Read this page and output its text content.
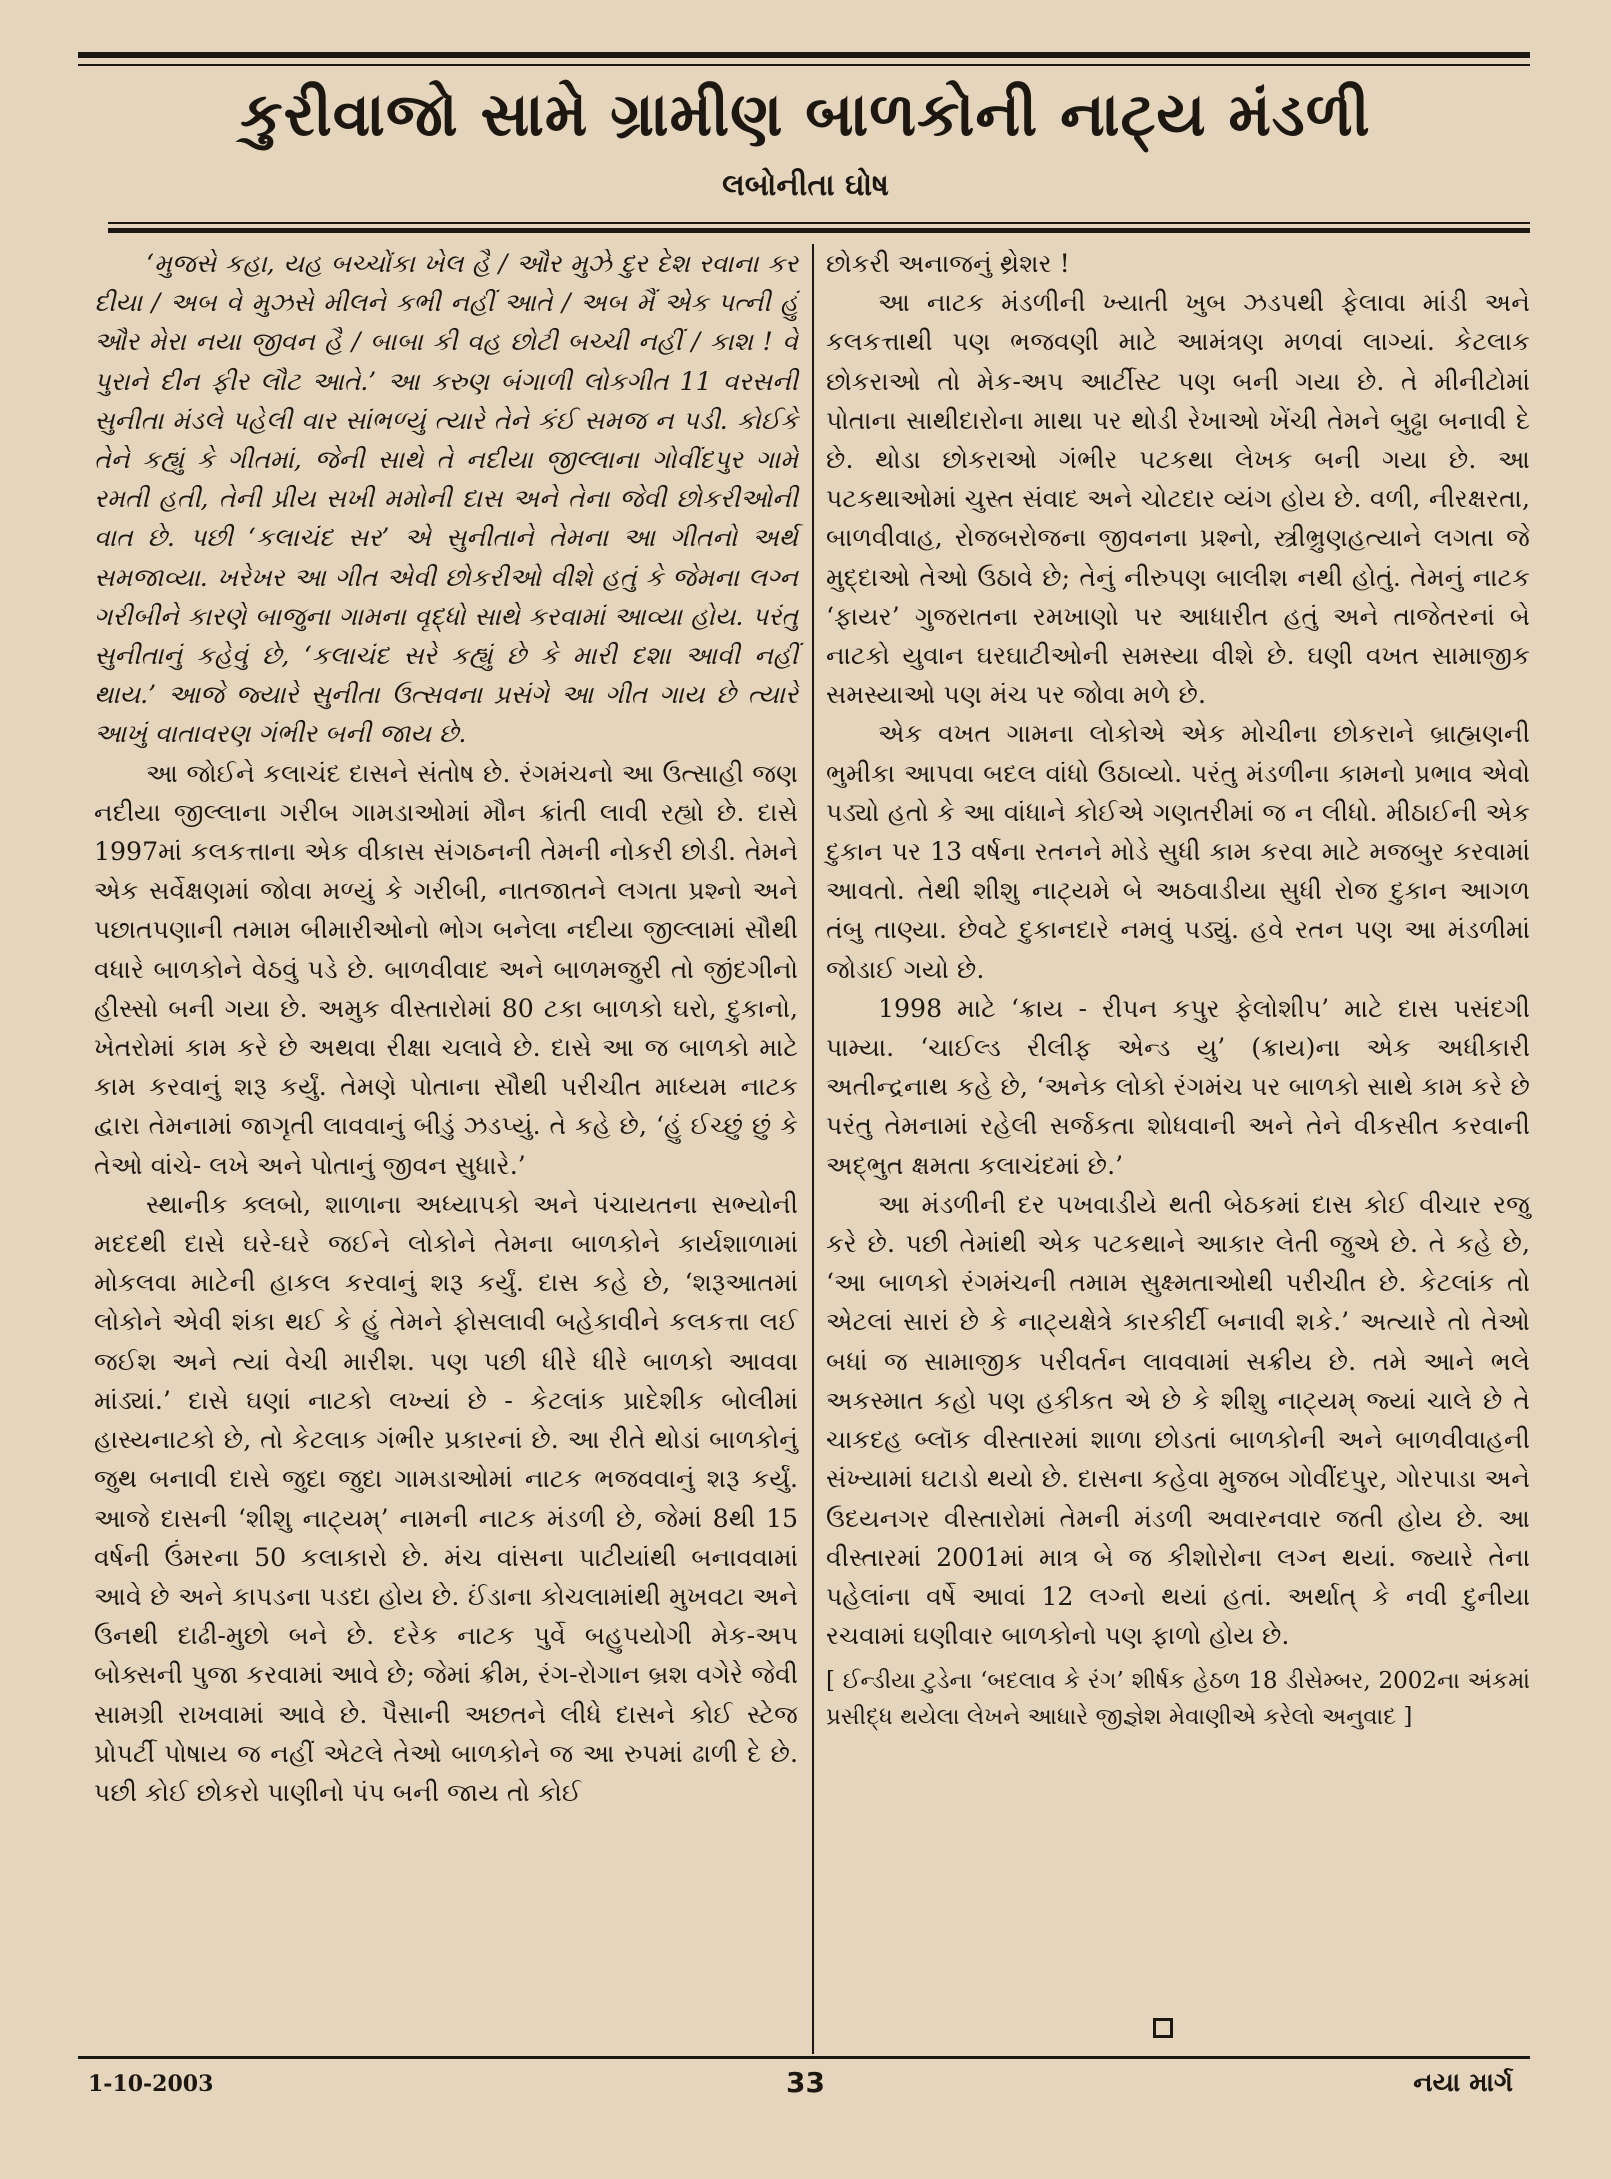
કુરીવાજો સામે ગ્રામીણ બાળકોની નાટ્ય મંડળી
લબોનીતા ઘોષ

‘મુજસે કહા, યહ બચ્ચોંકા ખેલ હૈ / ઔર મુઝે દુર દેશ રવાના કર દીયા / અબ વે મુઝસે મીલને કભી નહીં આતે / અબ મૈં એક પત્ની હું ઔર મેરા નયા જીવન હૈ / બાબા કી વહ છોટી બચ્ચી નહીં / કાશ ! વે પુરાને દીન ફીર લૌટ આતે.’ આ કરુણ બંગાળી લોકગીત 11 વરસની સુનીતા મંડલે પહેલી વાર સાંભળ્યું ત્યારે તેને કંઈ સમજ ન પડી. કોઈકે તેને કહ્યું કે ગીતમાં, જેની સાથે તે નદીયા જીલ્લાના ગોવીંદપુર ગામે રમતી હતી, તેની પ્રીય સખી મમોની દાસ અને તેના જેવી છોકરીઓની વાત છે. પછી ‘કલાચંદ સર’ એ સુનીતાને તેમના આ ગીતનો અર્થ સમજાવ્યા. ખરેખર આ ગીત એવી છોકરીઓ વીશે હતું કે જેમના લગ્ન ગરીબીને કારણે બાજુના ગામના વૃદ્ધો સાથે કરવામાં આવ્યા હોય. પરંતુ સુનીતાનું કહેવું છે, ‘કલાચંદ સરે કહ્યું છે કે મારી દશા આવી નહીં થાય.’ આજે જ્યારે સુનીતા ઉત્સવના પ્રસંગે આ ગીત ગાય છે ત્યારે આખું વાતાવરણ ગંભીર બની જાય છે.

આ જોઈને કલાચંદ દાસને સંતોષ છે. રંગમંચનો આ ઉત્સાહી જણ નદીયા જીલ્લાના ગરીબ ગામડાઓમાં મૌન ક્રાંતી લાવી રહ્યો છે. દાસે 1997માં કલકત્તાના એક વીકાસ સંગઠનની તેમની નોકરી છોડી. તેમને એક સર્વેક્ષણમાં જોવા મળ્યું કે ગરીબી, નાતજાતને લગતા પ્રશ્નો અને પછાતપણાની તમામ બીમારીઓનો ભોગ બનેલા નદીયા જીલ્લામાં સૌથી વધારે બાળકોને વેઠવું પડે છે. બાળવીવાદ અને બાળમજુરી તો જીંદગીનો હીસ્સો બની ગયા છે. અમુક વીસ્તારોમાં 80 ટકા બાળકો ઘરો, દુકાનો, ખેતરોમાં કામ કરે છે અથવા રીક્ષા ચલાવે છે. દાસે આ જ બાળકો માટે કામ કરવાનું શરૂ કર્યું. તેમણે પોતાના સૌથી પરીચીત માધ્યમ નાટક દ્વારા તેમનામાં જાગૃતી લાવવાનું બીડું ઝડપ્યું. તે કહે છે, ‘હું ઈચ્છું છું કે તેઓ વાંચે- લખે અને પોતાનું જીવન સુધારે.’

સ્થાનીક ક્લબો, શાળાના અધ્યાપકો અને પંચાયતના સભ્યોની મદદથી દાસે ઘરે-ઘરે જઈને લોકોને તેમના બાળકોને કાર્યશાળામાં મોકલવા માટેની હાકલ કરવાનું શરૂ કર્યું. દાસ કહે છે, ‘શરૂઆતમાં લોકોને એવી શંકા થઈ કે હું તેમને ફોસલાવી બહેકાવીને કલકત્તા લઈ જઈશ અને ત્યાં વેચી મારીશ. પણ પછી ધીરે ધીરે બાળકો આવવા માંડ્યાં.’ દાસે ઘણાં નાટકો લખ્યાં છે - કેટલાંક પ્રાદેશીક બોલીમાં હાસ્યનાટકો છે, તો કેટલાક ગંભીર પ્રકારનાં છે. આ રીતે થોડાં બાળકોનું જુથ બનાવી દાસે જુદા જુદા ગામડાઓમાં નાટક ભજવવાનું શરૂ કર્યું. આજે દાસની ‘શીશુ નાટ્યમ્’ નામની નાટક મંડળી છે, જેમાં 8થી 15 વર્ષની ઉંમરના 50 કલાકારો છે. મંચ વાંસના પાટીયાંથી બનાવવામાં આવે છે અને કાપડના પડદા હોય છે. ઈંડાના કોચલામાંથી મુખવટા અને ઉનથી દાઢી-મુછો બને છે. દરેક નાટક પુર્વે બહુપયોગી મેક-અપ બોક્સની પુજા કરવામાં આવે છે; જેમાં ક્રીમ, રંગ-રોગાન બ્રશ વગેરે જેવી સામગ્રી રાખવામાં આવે છે. પૈસાની અછતને લીધે દાસને કોઈ સ્ટેજ પ્રોપર્ટી પોષાય જ નહીં એટલે તેઓ બાળકોને જ આ રુપમાં ઢાળી દે છે. પછી કોઈ છોકરો પાણીનો પંપ બની જાય તો કોઈ

છોકરી અનાજનું થ્રેશર !

આ નાટક મંડળીની ખ્યાતી ખુબ ઝડપથી ફેલાવા માંડી અને કલકત્તાથી પણ ભજવણી માટે આમંત્રણ મળવાં લાગ્યાં. કેટલાક છોકરાઓ તો મેક-અપ આર્ટીસ્ટ પણ બની ગયા છે. તે મીનીટોમાં પોતાના સાથીદારોના માથા પર થોડી રેખાઓ ખેંચી તેમને બુઢ્ઢા બનાવી દે છે. થોડા છોકરાઓ ગંભીર પટકથા લેખક બની ગયા છે. આ પટકથાઓમાં ચુસ્ત સંવાદ અને ચોટદાર વ્યંગ હોય છે. વળી, નીરક્ષરતા, બાળવીવાહ, રોજબરોજના જીવનના પ્રશ્નો, સ્ત્રીભ્રુણહત્યાને લગતા જે મુદ્દાઓ તેઓ ઉઠાવે છે; તેનું નીરુપણ બાલીશ નથી હોતું. તેમનું નાટક ‘ફાયર’ ગુજરાતના રમખાણો પર આધારીત હતું અને તાજેતરનાં બે નાટકો યુવાન ઘરઘાટીઓની સમસ્યા વીશે છે. ઘણી વખત સામાજીક સમસ્યાઓ પણ મંચ પર જોવા મળે છે.

એક વખત ગામના લોકોએ એક મોચીના છોકરાને બ્રાહ્મણની ભુમીકા આપવા બદલ વાંધો ઉઠાવ્યો. પરંતુ મંડળીના કામનો પ્રભાવ એવો પડ્યો હતો કે આ વાંધાને કોઈએ ગણતરીમાં જ ન લીધો. મીઠાઈની એક દુકાન પર 13 વર્ષના રતનને મોડે સુધી કામ કરવા માટે મજબુર કરવામાં આવતો. તેથી શીશુ નાટ્યમે બે અઠવાડીયા સુધી રોજ દુકાન આગળ તંબુ તાણ્યા. છેવટે દુકાનદારે નમવું પડ્યું. હવે રતન પણ આ મંડળીમાં જોડાઈ ગયો છે.

1998 માટે ‘ક્રાય - રીપન કપુર ફેલોશીપ’ માટે દાસ પસંદગી પામ્યા. ‘ચાઈલ્ડ રીલીફ એન્ડ યુ’ (ક્રાય)ના એક અધીકારી અતીન્દ્રનાથ કહે છે, ‘અનેક લોકો રંગમંચ પર બાળકો સાથે કામ કરે છે પરંતુ તેમનામાં રહેલી સર્જકતા શોધવાની અને તેને વીકસીત કરવાની અદ્ભુત ક્ષમતા કલાચંદમાં છે.’

આ મંડળીની દર પખવાડીયે થતી બેઠકમાં દાસ કોઈ વીચાર રજુ કરે છે. પછી તેમાંથી એક પટકથાને આકાર લેતી જુએ છે. તે કહે છે, ‘આ બાળકો રંગમંચની તમામ સુક્ષ્મતાઓથી પરીચીત છે. કેટલાંક તો એટલાં સારાં છે કે નાટ્યક્ષેત્રે કારકીર્દી બનાવી શકે.’ અત્યારે તો તેઓ બધાં જ સામાજીક પરીવર્તન લાવવામાં સક્રીય છે. તમે આને ભલે અકસ્માત કહો પણ હકીકત એ છે કે શીશુ નાટ્યમ્ જ્યાં ચાલે છે તે ચાકદહ બ્લૉક વીસ્તારમાં શાળા છોડતાં બાળકોની અને બાળવીવાહની સંખ્યામાં ઘટાડો થયો છે. દાસના કહેવા મુજબ ગોવીંદપુર, ગોરપાડા અને ઉદયનગર વીસ્તારોમાં તેમની મંડળી અવારનવાર જતી હોય છે. આ વીસ્તારમાં 2001માં માત્ર બે જ કીશોરોના લગ્ન થયાં. જ્યારે તેના પહેલાંના વર્ષે આવાં 12 લગ્નો થયાં હતાં. અર્થાત્ કે નવી દુનીયા રચવામાં ઘણીવાર બાળકોનો પણ ફાળો હોય છે.

[ ઈન્ડીયા ટુડેના ‘બદલાવ કે રંગ’ શીર્ષક હેઠળ 18 ડીસેમ્બર, 2002ના અંકમાં પ્રસીદ્ધ થયેલા લેખને આધારે જીજ્ઞેશ મેવાણીએ કરેલો અનુવાદ ]

1-10-2003	33	નયા માર્ગ
